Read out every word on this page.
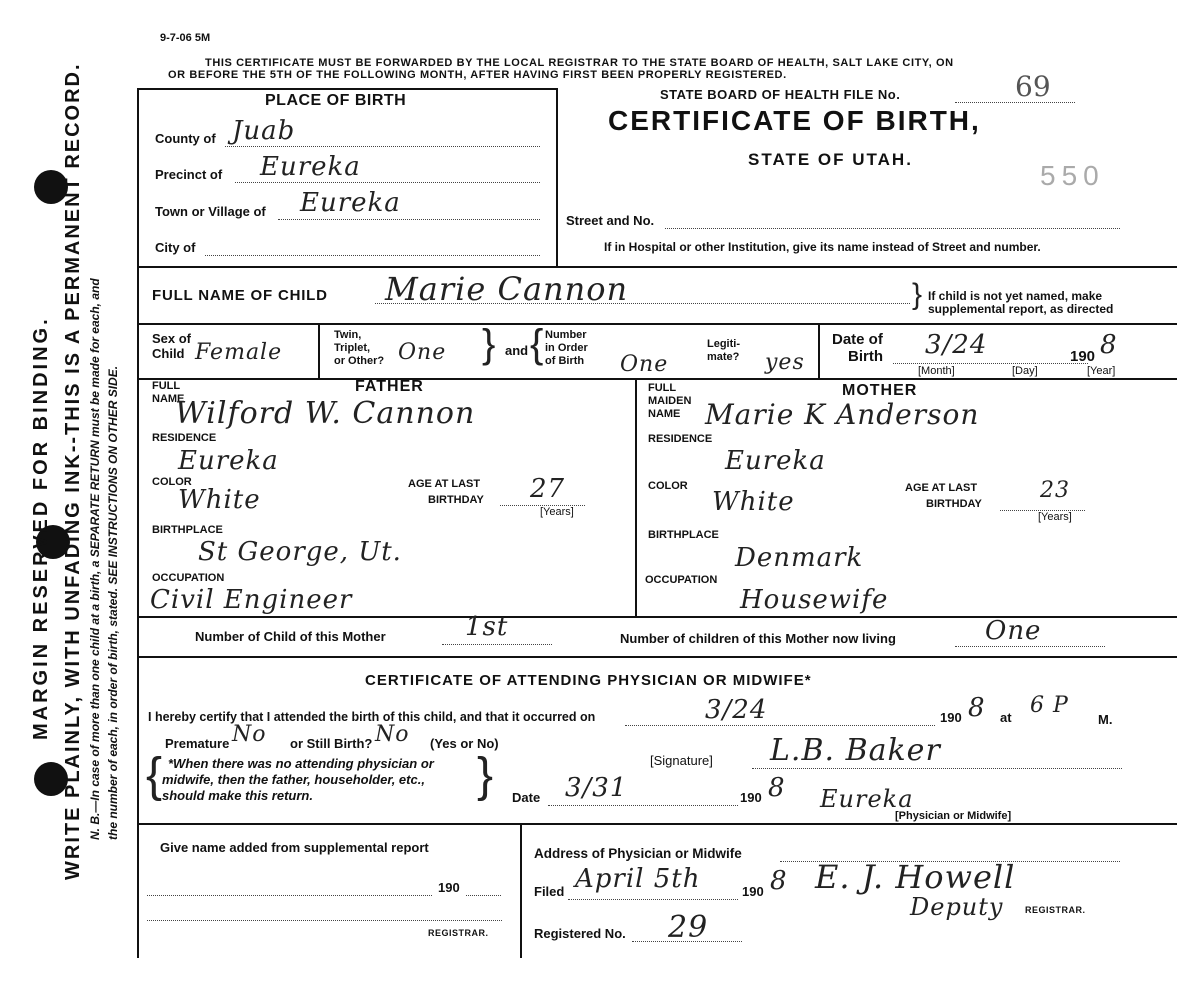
9-7-06 5M
THIS CERTIFICATE MUST BE FORWARDED BY THE LOCAL REGISTRAR TO THE STATE BOARD OF HEALTH, SALT LAKE CITY, ON
OR BEFORE THE 5TH OF THE FOLLOWING MONTH, AFTER HAVING FIRST BEEN PROPERLY REGISTERED.
STATE BOARD OF HEALTH FILE No.	69
CERTIFICATE OF BIRTH,
STATE OF UTAH.
550
MARGIN RESERVED FOR BINDING. WRITE PLAINLY, WITH UNFADING INK--THIS IS A PERMANENT RECORD. N. B.—In case of more than one child at a birth, a SEPARATE RETURN must be made for each, and the number of each, in order of birth, stated. SEE INSTRUCTIONS ON OTHER SIDE.
PLACE OF BIRTH
County of Juab
Precinct of Eureka
Town or Village of Eureka
City of
Street and No.
If in Hospital or other Institution, give its name instead of Street and number.
FULL NAME OF CHILD Marie Cannon	} If child is not yet named, make
supplemental report, as directed
Sex of
Child Female
Twin,
Triplet,
or Other? One } and { Number
in Order
of Birth One
Legiti-
mate? yes
Date of
Birth 3/24	190 8
[Month]	[Day]	[Year]
FATHER
FULL
NAME
Wilford W. Cannon
RESIDENCE
Eureka
COLOR
White
AGE AT LAST
BIRTHDAY 27
[Years]
BIRTHPLACE
St George, Ut.
OCCUPATION
Civil Engineer
MOTHER
FULL
MAIDEN
NAME Marie K Anderson
RESIDENCE
Eureka
COLOR
White	AGE AT LAST
BIRTHDAY
23
[Years]
BIRTHPLACE
Denmark
OCCUPATION
Housewife
Number of Child of this Mother	1st	Number of children of this Mother now living	One
CERTIFICATE OF ATTENDING PHYSICIAN OR MIDWIFE*
I hereby certify that I attended the birth of this child, and that it occurred on	3/24	190 8 at 6 P
M.
Premature No or Still Birth? No (Yes or No)
{ *When there was no attending physician or
midwife, then the father, householder, etc.,
should make this return.	}	[Signature] L.B. Baker
Date 3/31	190 8 Eureka
[Physician or Midwife]
Give name added from supplemental report
190
REGISTRAR.
Address of Physician or Midwife
Filed April 5th	190 8 E. J. Howell
Deputy REGISTRAR.
Registered No. 29
